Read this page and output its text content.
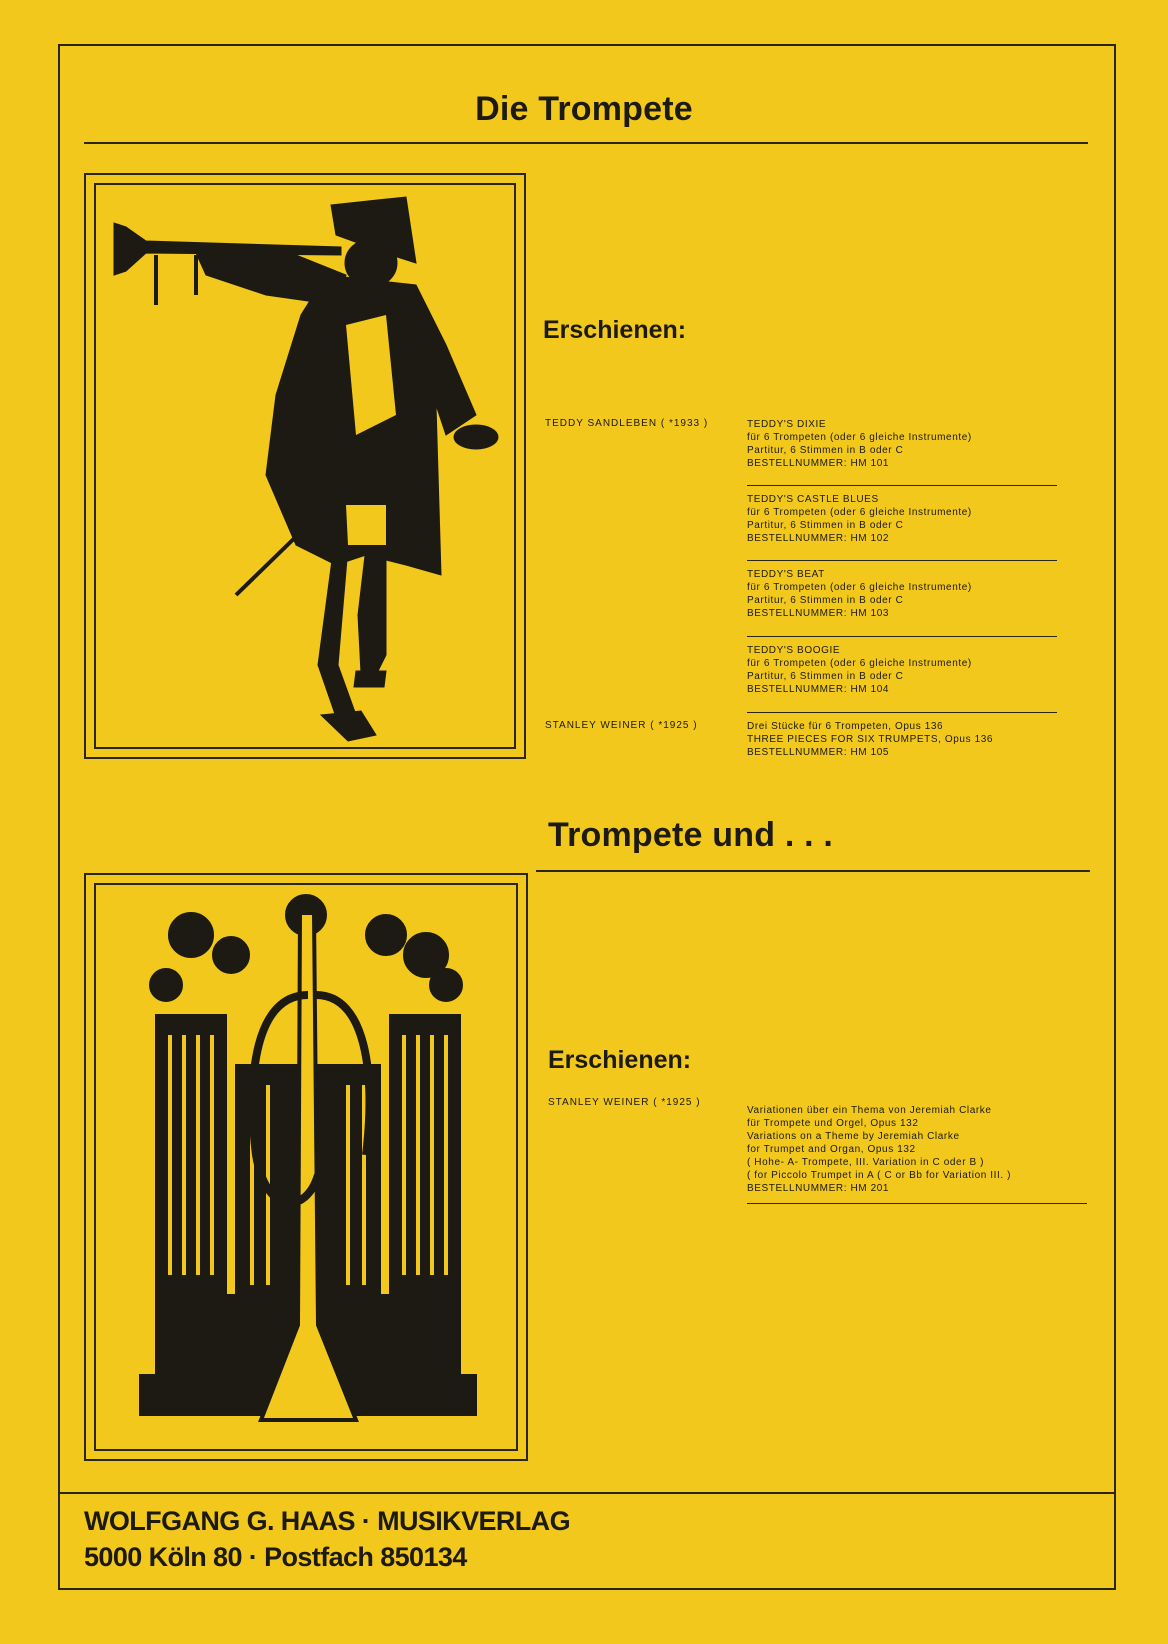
Die Trompete
Erschienen:
TEDDY SANDLEBEN ( *1933 )
STANLEY WEINER ( *1925 )
TEDDY'S DIXIE
für 6 Trompeten (oder 6 gleiche Instrumente)
Partitur, 6 Stimmen in B oder C
BESTELLNUMMER: HM 101
TEDDY'S CASTLE BLUES
für 6 Trompeten (oder 6 gleiche Instrumente)
Partitur, 6 Stimmen in B oder C
BESTELLNUMMER: HM 102
TEDDY'S BEAT
für 6 Trompeten (oder 6 gleiche Instrumente)
Partitur, 6 Stimmen in B oder C
BESTELLNUMMER: HM 103
TEDDY'S BOOGIE
für 6 Trompeten (oder 6 gleiche Instrumente)
Partitur, 6 Stimmen in B oder C
BESTELLNUMMER: HM 104
Drei Stücke für 6 Trompeten, Opus 136
THREE PIECES FOR SIX TRUMPETS, Opus 136
BESTELLNUMMER: HM 105
Trompete und . . .
Erschienen:
STANLEY WEINER ( *1925 )
Variationen über ein Thema von Jeremiah Clarke
für Trompete und Orgel, Opus 132
Variations on a Theme by Jeremiah Clarke
for Trumpet and Organ, Opus 132
( Hohe- A- Trompete, III. Variation in C oder B )
( for Piccolo Trumpet in A ( C or Bb for Variation III. )
BESTELLNUMMER: HM 201
WOLFGANG G. HAAS · MUSIKVERLAG
5000 Köln 80 · Postfach 850134
